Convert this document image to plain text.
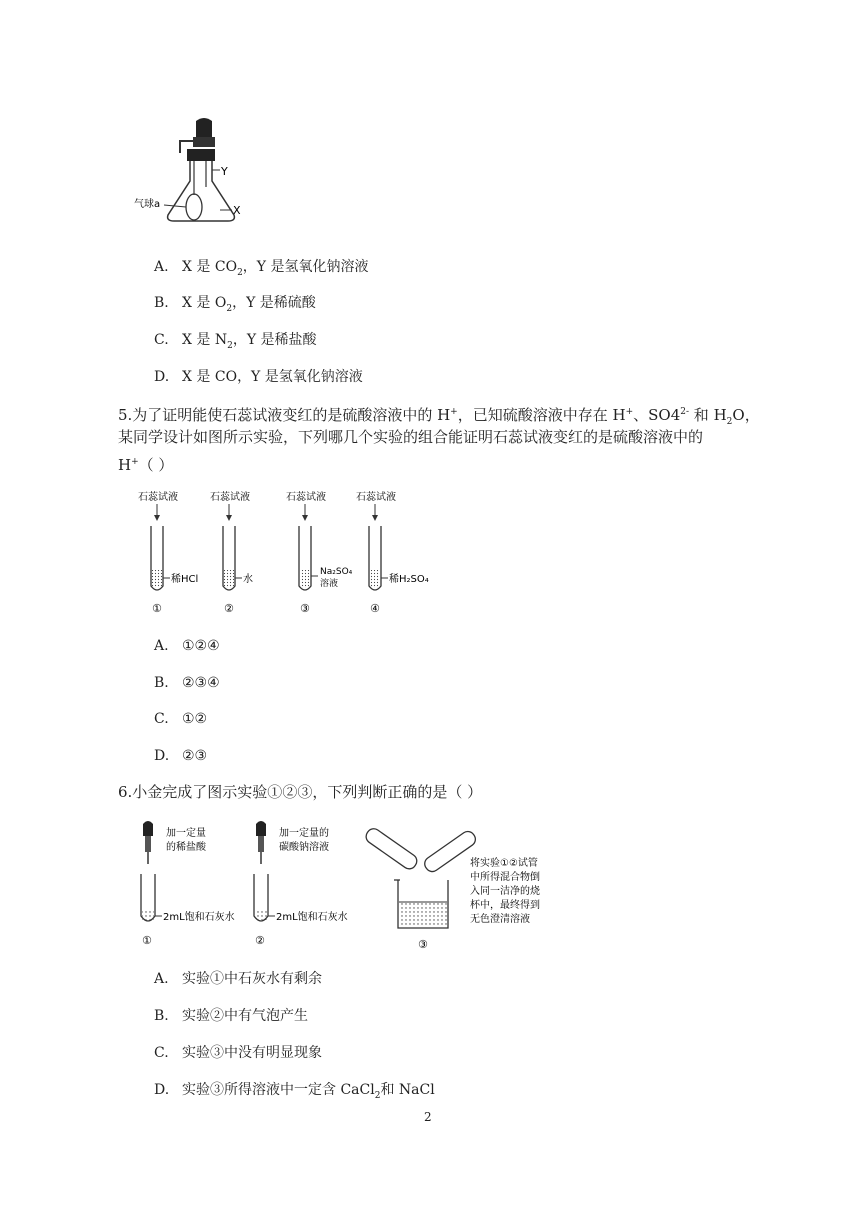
Y
X
气球a
A. X 是 $CO_2$，Y 是氢氧化钠溶液
B. X 是 $O_2$，Y 是稀硫酸
C. X 是 $N_2$，Y 是稀盐酸
D. X 是 CO，Y 是氢氧化钠溶液
5.为了证明能使石蕊试液变红的是硫酸溶液中的 H+，已知硫酸溶液中存在 H+、$SO4^{2-}$ 和 $H_2O$，
某同学设计如图所示实验，下列哪几个实验的组合能证明石蕊试液变红的是硫酸溶液中的
H+（ ）
石蕊试液
稀HCl
①
石蕊试液
水
②
石蕊试液
Na₂SO₄
溶液
③
石蕊试液
稀H₂SO₄
④
A. ①②④
B. ②③④
C. ①②
D. ②③
6.小金完成了图示实验①②③，下列判断正确的是（ ）
加一定量
的稀盐酸
2mL饱和石灰水
①
加一定量的
碳酸钠溶液
2mL饱和石灰水
②	③
将实验①②试管
中所得混合物倒
入同一洁净的烧
杯中，最终得到
无色澄清溶液
A. 实验①中石灰水有剩余
B. 实验②中有气泡产生
C. 实验③中没有明显现象
D. 实验③所得溶液中一定含 CaCl$_2$和 NaCl
2
